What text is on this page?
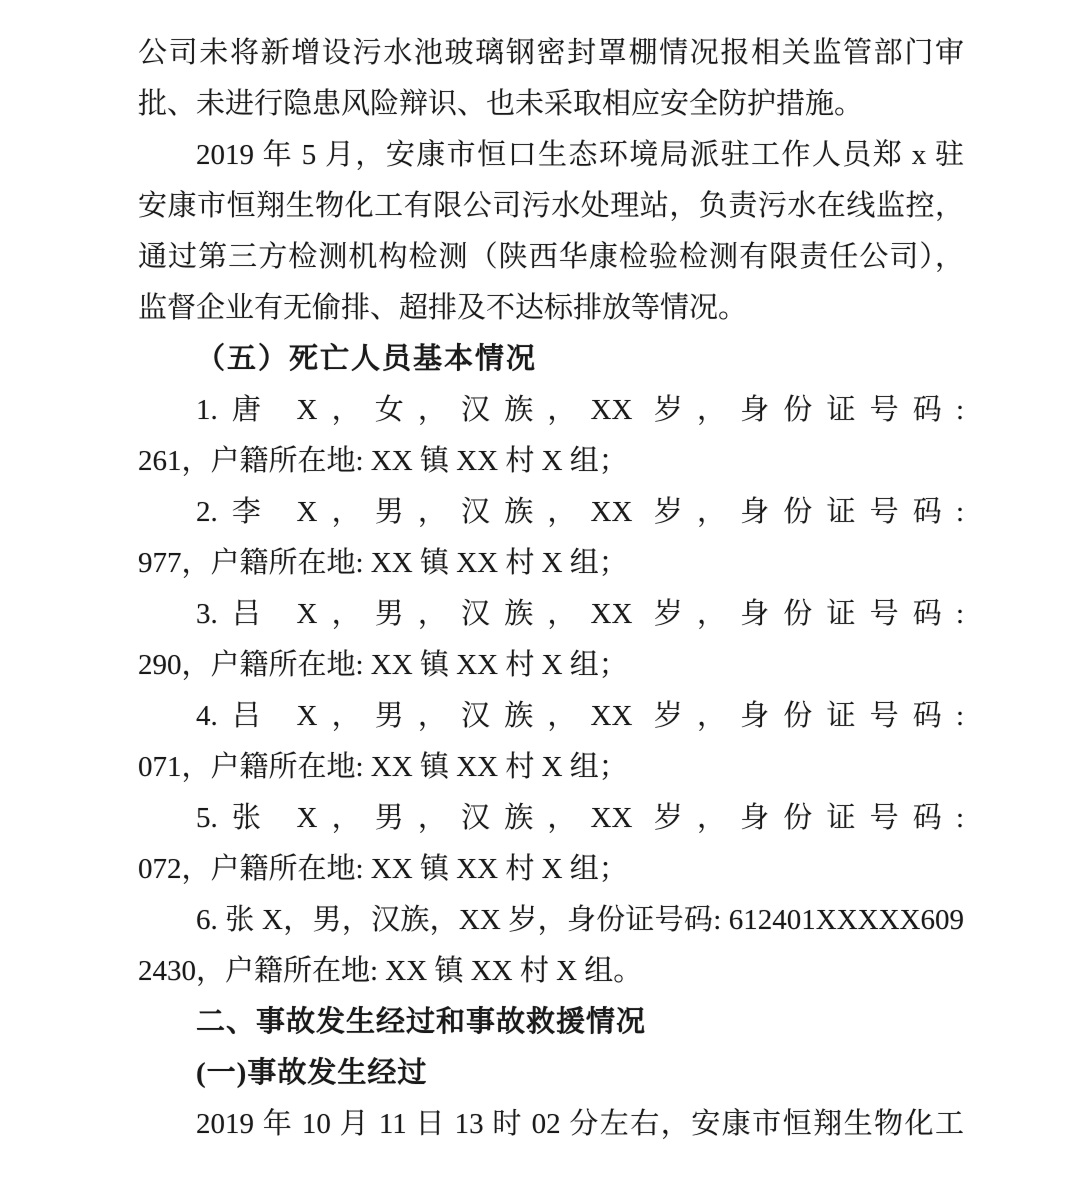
公司未将新增设污水池玻璃钢密封罩棚情况报相关监管部门审
批、未进行隐患风险辩识、也未采取相应安全防护措施。
2019 年 5 月，安康市恒口生态环境局派驻工作人员郑 x 驻
安康市恒翔生物化工有限公司污水处理站，负责污水在线监控，
通过第三方检测机构检测（陕西华康检验检测有限责任公司），
监督企业有无偷排、超排及不达标排放等情况。
（五）死亡人员基本情况
1.唐 X，女，汉族，XX 岁，身份证号码:
261，户籍所在地: XX 镇 XX 村 X 组；
2.李 X，男，汉族，XX 岁，身份证号码:
977，户籍所在地: XX 镇 XX 村 X 组；
3.吕 X，男，汉族，XX 岁，身份证号码:
290，户籍所在地: XX 镇 XX 村 X 组；
4.吕 X，男，汉族，XX 岁，身份证号码:
071，户籍所在地: XX 镇 XX 村 X 组；
5.张 X，男，汉族，XX 岁，身份证号码:
072，户籍所在地: XX 镇 XX 村 X 组；
6. 张 X，男，汉族，XX 岁，身份证号码: 612401XXXXX609
2430，户籍所在地: XX 镇 XX 村 X 组。
二、事故发生经过和事故救援情况
(一)事故发生经过
2019 年 10 月 11 日 13 时 02 分左右，安康市恒翔生物化工
